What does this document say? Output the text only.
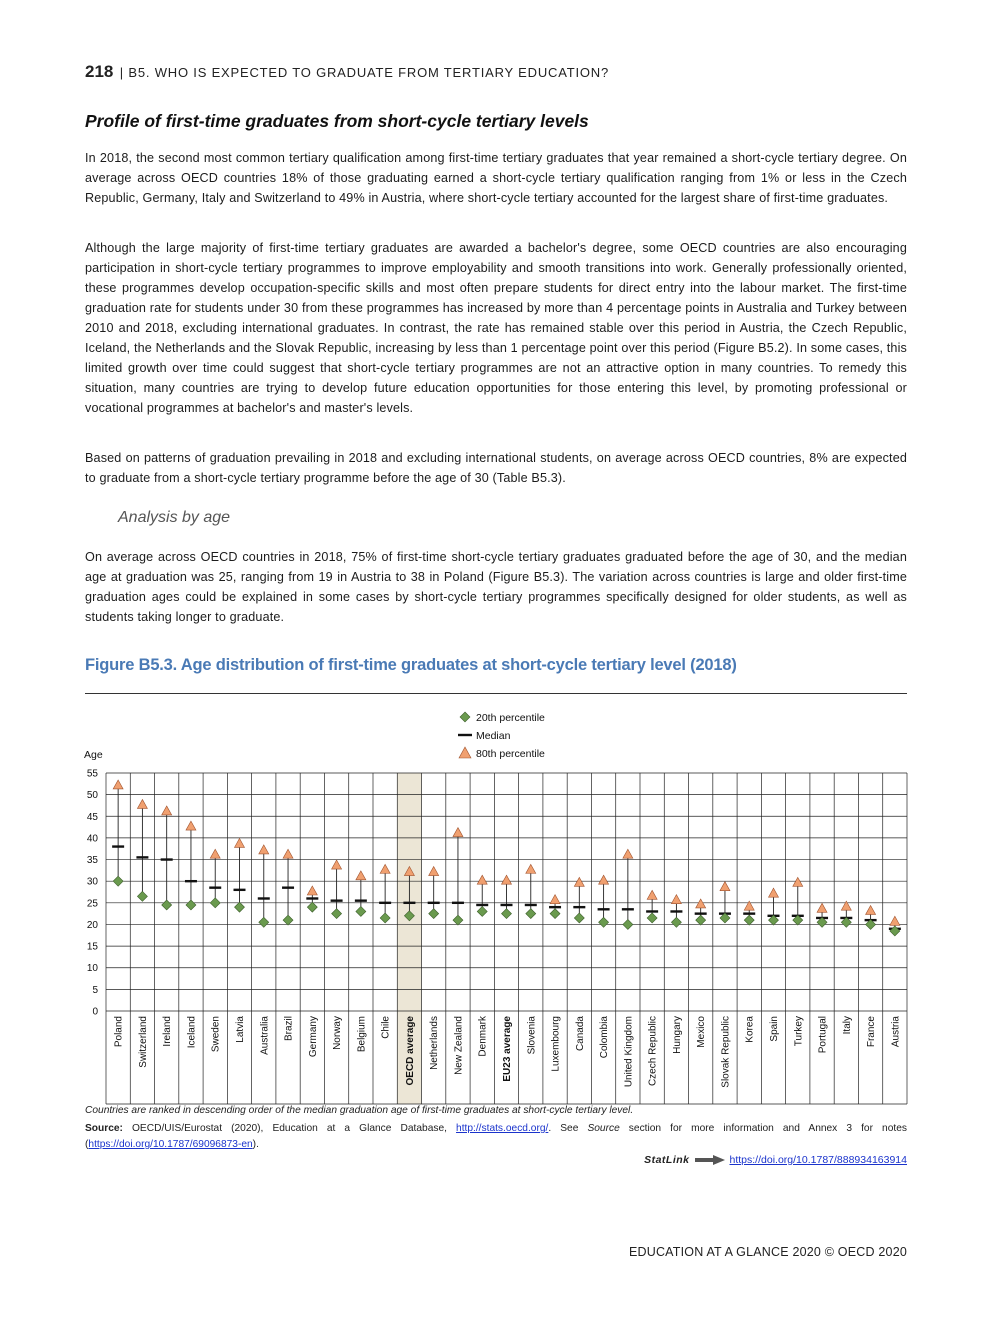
218 | B5. WHO IS EXPECTED TO GRADUATE FROM TERTIARY EDUCATION?
Profile of first-time graduates from short-cycle tertiary levels

In 2018, the second most common tertiary qualification among first-time tertiary graduates that year remained a short-cycle tertiary degree. On average across OECD countries 18% of those graduating earned a short-cycle tertiary qualification ranging from 1% or less in the Czech Republic, Germany, Italy and Switzerland to 49% in Austria, where short-cycle tertiary accounted for the largest share of first-time graduates.

Although the large majority of first-time tertiary graduates are awarded a bachelor's degree, some OECD countries are also encouraging participation in short-cycle tertiary programmes to improve employability and smooth transitions into work. Generally professionally oriented, these programmes develop occupation-specific skills and most often prepare students for direct entry into the labour market. The first-time graduation rate for students under 30 from these programmes has increased by more than 4 percentage points in Australia and Turkey between 2010 and 2018, excluding international graduates. In contrast, the rate has remained stable over this period in Austria, the Czech Republic, Iceland, the Netherlands and the Slovak Republic, increasing by less than 1 percentage point over this period (Figure B5.2). In some cases, this limited growth over time could suggest that short-cycle tertiary programmes are not an attractive option in many countries. To remedy this situation, many countries are trying to develop future education opportunities for those entering this level, by promoting professional or vocational programmes at bachelor's and master's levels.

Based on patterns of graduation prevailing in 2018 and excluding international students, on average across OECD countries, 8% are expected to graduate from a short-cycle tertiary programme before the age of 30 (Table B5.3).

Analysis by age

On average across OECD countries in 2018, 75% of first-time short-cycle tertiary graduates graduated before the age of 30, and the median age at graduation was 25, ranging from 19 in Austria to 38 in Poland (Figure B5.3). The variation across countries is large and older first-time graduation ages could be explained in some cases by short-cycle tertiary programmes specifically designed for older students, as well as students taking longer to graduate.

Figure B5.3. Age distribution of first-time graduates at short-cycle tertiary level (2018)
0
5
10
15
20
25
30
35
40
45
50
55
Age
Poland Switzerland Ireland Iceland Sweden Latvia Australia Brazil Germany Norway Belgium Chile OECD average Netherlands New Zealand Denmark EU23 average Slovenia Luxembourg Canada Colombia United Kingdom Czech Republic Hungary Mexico Slovak Republic Korea Spain Turkey Portugal Italy France Austria
20th percentile
Median
80th percentile
Countries are ranked in descending order of the median graduation age of first-time graduates at short-cycle tertiary level.

Source: OECD/UIS/Eurostat (2020), Education at a Glance Database, http://stats.oecd.org/. See Source section for more information and Annex 3 for notes (https://doi.org/10.1787/69096873-en).

StatLink	https://doi.org/10.1787/888934163914
EDUCATION AT A GLANCE 2020 © OECD 2020
